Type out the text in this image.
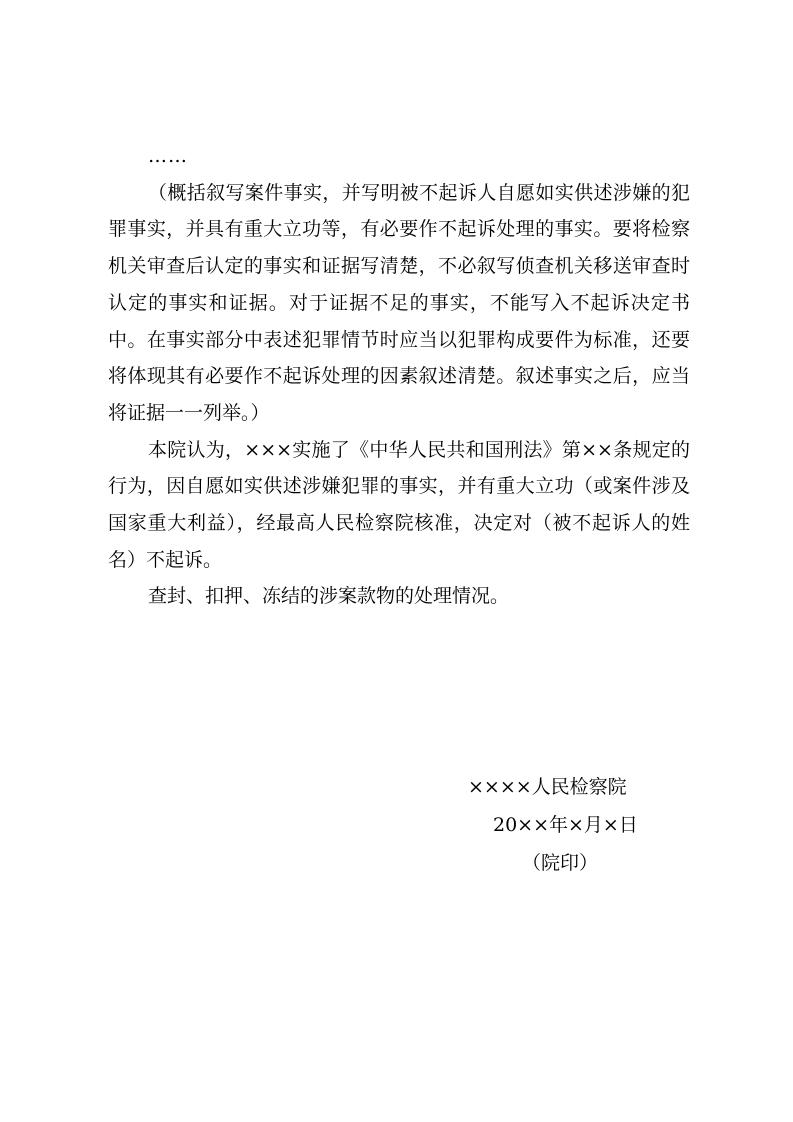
……

（概括叙写案件事实，并写明被不起诉人自愿如实供述涉嫌的犯罪事实，并具有重大立功等，有必要作不起诉处理的事实。要将检察机关审查后认定的事实和证据写清楚，不必叙写侦查机关移送审查时认定的事实和证据。对于证据不足的事实，不能写入不起诉决定书中。在事实部分中表述犯罪情节时应当以犯罪构成要件为标准，还要将体现其有必要作不起诉处理的因素叙述清楚。叙述事实之后，应当将证据一一列举。）

本院认为，×××实施了《中华人民共和国刑法》第××条规定的行为，因自愿如实供述涉嫌犯罪的事实，并有重大立功（或案件涉及国家重大利益），经最高人民检察院核准，决定对（被不起诉人的姓名）不起诉。

查封、扣押、冻结的涉案款物的处理情况。

××××人民检察院
20××年×月×日
（院印）
